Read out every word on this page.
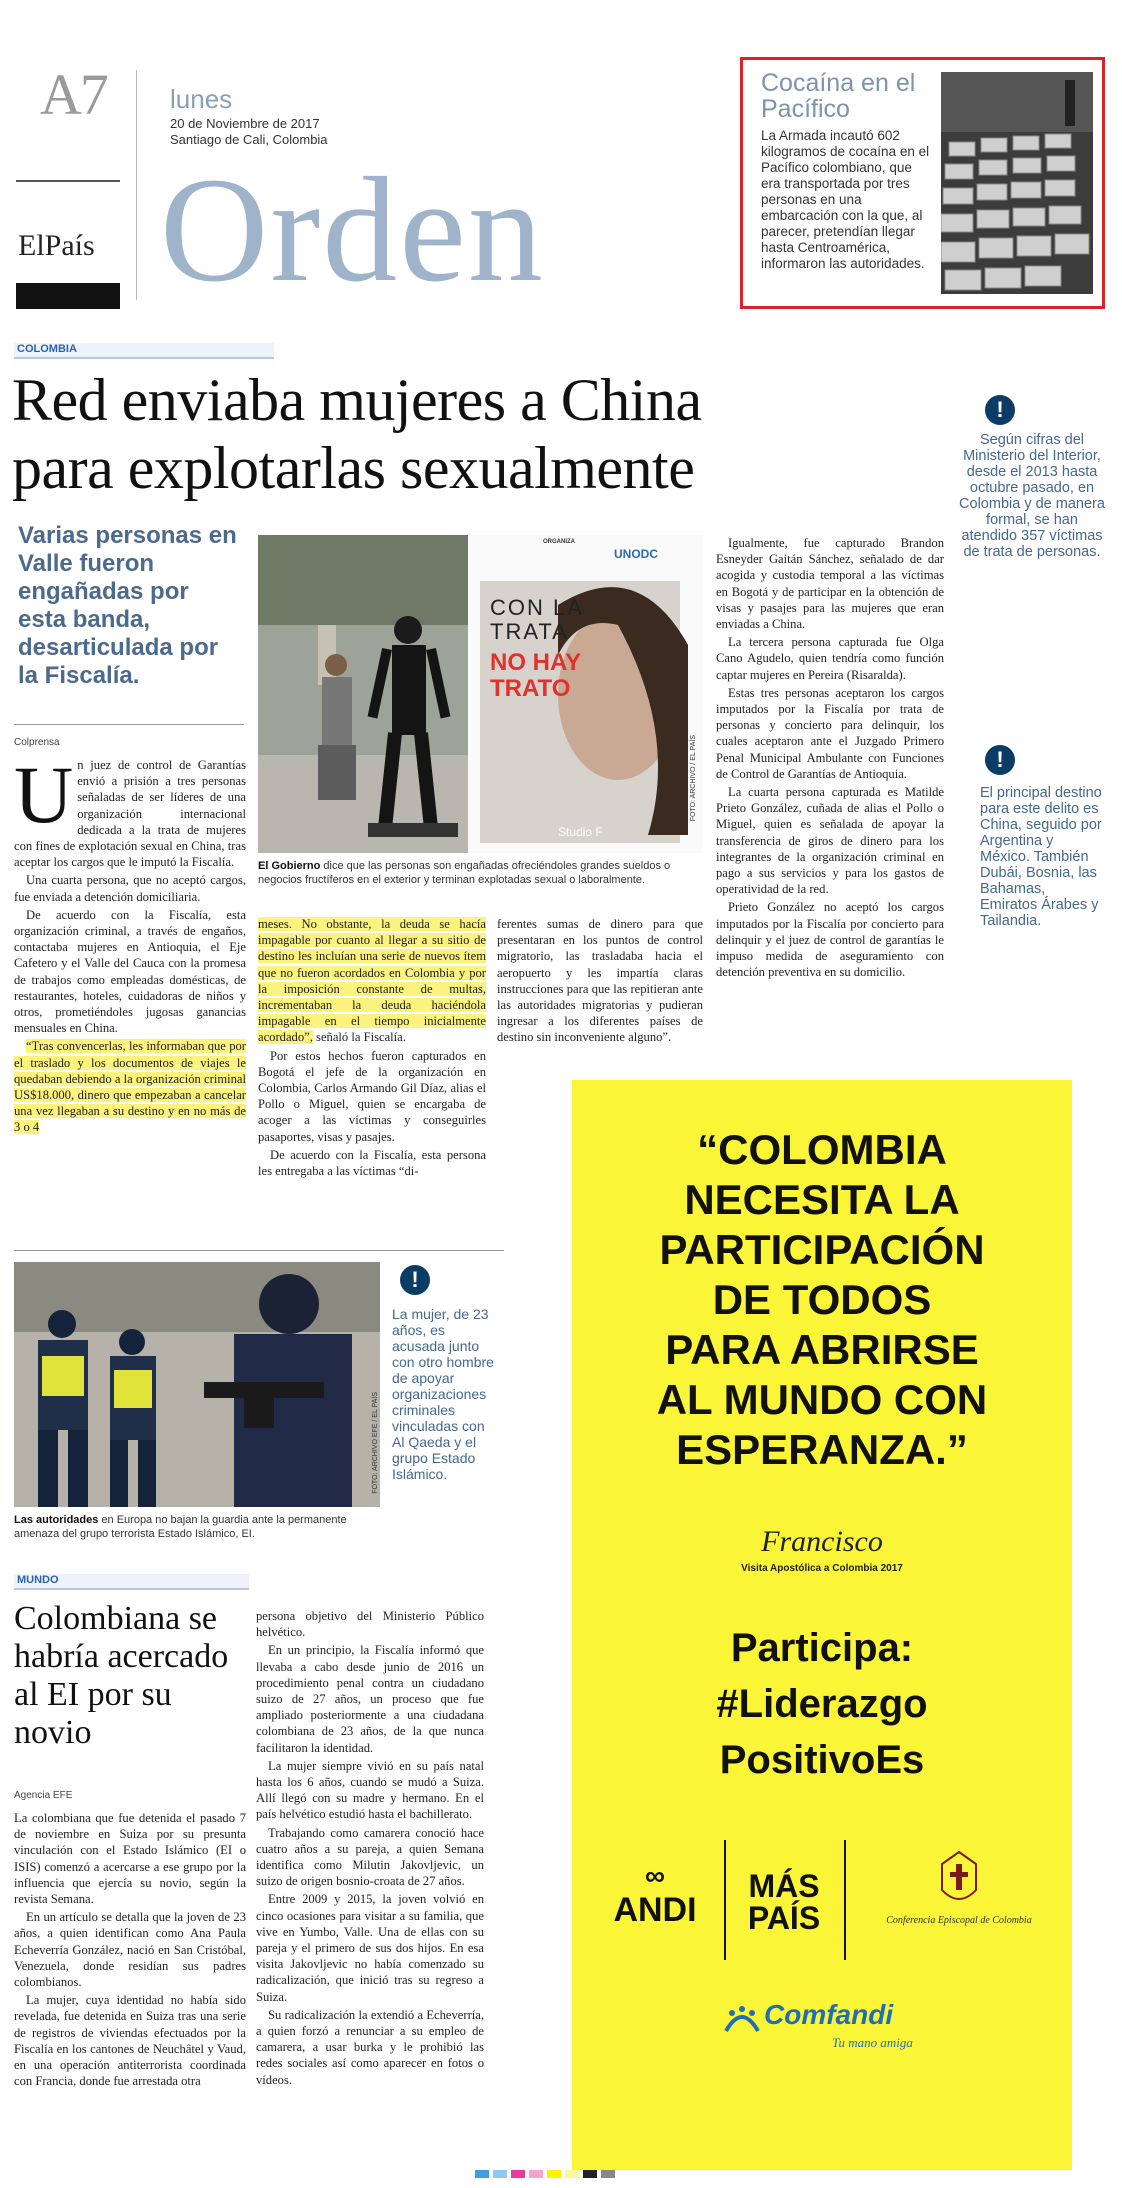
A7
ElPaís
lunes
20 de Noviembre de 2017
Santiago de Cali, Colombia
Orden
Cocaína en el Pacífico
La Armada incautó 602 kilogramos de cocaína en el Pacífico colombiano, que era transportada por tres personas en una embarcación con la que, al parecer, pretendían llegar hasta Centroamérica, informaron las autoridades.
COLOMBIA
Red enviaba mujeres a China
para explotarlas sexualmente
Varias personas en Valle fueron engañadas por esta banda, desarticulada por la Fiscalía.
Colprensa
ORGANIZA
UNODC
CON LA
TRATA
NO HAY
TRATO
Studio F
FOTO: ARCHIVO / EL PAÍS
El Gobierno dice que las personas son engañadas ofreciéndoles grandes sueldos o negocios fructíferos en el exterior y terminan explotadas sexual o laboralmente.
U n juez de control de Garantías envió a prisión a tres personas señaladas de ser líderes de una organización internacional dedicada a la trata de mujeres con fines de explotación sexual en China, tras aceptar los cargos que le imputó la Fiscalía.

Una cuarta persona, que no aceptó cargos, fue enviada a detención domiciliaria.

De acuerdo con la Fiscalía, esta organización criminal, a través de engaños, contactaba mujeres en Antioquia, el Eje Cafetero y el Valle del Cauca con la promesa de trabajos como empleadas domésticas, de restaurantes, hoteles, cuidadoras de niños y otros, prometiéndoles jugosas ganancias mensuales en China.

“Tras convencerlas, les informaban que por el traslado y los documentos de viajes le quedaban debiendo a la organización criminal US$18.000, dinero que empezaban a cancelar una vez llegaban a su destino y en no más de 3 o 4

meses. No obstante, la deuda se hacía impagable por cuanto al llegar a su sitio de destino les incluían una serie de nuevos ítem que no fueron acordados en Colombia y por la imposición constante de multas, incrementaban la deuda haciéndola impagable en el tiempo inicialmente acordado”, señaló la Fiscalía.

Por estos hechos fueron capturados en Bogotá el jefe de la organización en Colombia, Carlos Armando Gil Díaz, alias el Pollo o Miguel, quien se encargaba de acoger a las víctimas y conseguirles pasaportes, visas y pasajes.

De acuerdo con la Fiscalía, esta persona les entregaba a las víctimas “di-

ferentes sumas de dinero para que presentaran en los puntos de control migratorio, las trasladaba hacia el aeropuerto y les impartía claras instrucciones para que las repitieran ante las autoridades migratorias y pudieran ingresar a los diferentes países de destino sin inconveniente alguno”.

Igualmente, fue capturado Brandon Esneyder Gaitán Sánchez, señalado de dar acogida y custodia temporal a las víctimas en Bogotá y de participar en la obtención de visas y pasajes para las mujeres que eran enviadas a China.

La tercera persona capturada fue Olga Cano Agudelo, quien tendría como función captar mujeres en Pereira (Risaralda).

Estas tres personas aceptaron los cargos imputados por la Fiscalía por trata de personas y concierto para delinquir, los cuales aceptaron ante el Juzgado Primero Penal Municipal Ambulante con Funciones de Control de Garantías de Antioquia.

La cuarta persona capturada es Matilde Prieto González, cuñada de alias el Pollo o Miguel, quien es señalada de apoyar la transferencia de giros de dinero para los integrantes de la organización criminal en pago a sus servicios y para los gastos de operatividad de la red.

Prieto González no aceptó los cargos imputados por la Fiscalía por concierto para delinquir y el juez de control de garantías le impuso medida de aseguramiento con detención preventiva en su domicilio.

!
Según cifras del Ministerio del Interior, desde el 2013 hasta octubre pasado, en Colombia y de manera formal, se han atendido 357 víctimas de trata de personas.
!
El principal destino para este delito es China, seguido por Argentina y México. También Dubái, Bosnia, las Bahamas, Emiratos Árabes y Tailandia.
FOTO: ARCHIVO EFE / EL PAÍS
Las autoridades en Europa no bajan la guardia ante la permanente amenaza del grupo terrorista Estado Islámico, EI.
!
La mujer, de 23 años, es acusada junto con otro hombre de apoyar organizaciones criminales vinculadas con Al Qaeda y el grupo Estado Islámico.
MUNDO
Colombiana se habría acercado al EI por su novio
Agencia EFE

La colombiana que fue detenida el pasado 7 de noviembre en Suiza por su presunta vinculación con el Estado Islámico (EI o ISIS) comenzó a acercarse a ese grupo por la influencia que ejercía su novio, según la revista Semana.

En un artículo se detalla que la joven de 23 años, a quien identifican como Ana Paula Echeverría González, nació en San Cristóbal, Venezuela, donde residían sus padres colombianos.

La mujer, cuya identidad no había sido revelada, fue detenida en Suiza tras una serie de registros de viviendas efectuados por la Fiscalía en los cantones de Neuchâtel y Vaud, en una operación antiterrorista coordinada con Francia, donde fue arrestada otra

persona objetivo del Ministerio Público helvético.

En un principio, la Fiscalía informó que llevaba a cabo desde junio de 2016 un procedimiento penal contra un ciudadano suizo de 27 años, un proceso que fue ampliado posteriormente a una ciudadana colombiana de 23 años, de la que nunca facilitaron la identidad.

La mujer siempre vivió en su país natal hasta los 6 años, cuando se mudó a Suiza. Allí llegó con su madre y hermano. En el país helvético estudió hasta el bachillerato.

Trabajando como camarera conoció hace cuatro años a su pareja, a quien Semana identifica como Milutin Jakovljevic, un suizo de origen bosnio-croata de 27 años.

Entre 2009 y 2015, la joven volvió en cinco ocasiones para visitar a su familia, que vive en Yumbo, Valle. Una de ellas con su pareja y el primero de sus dos hijos. En esa visita Jakovljevic no había comenzado su radicalización, que inició tras su regreso a Suiza.

Su radicalización la extendió a Echeverría, a quien forzó a renunciar a su empleo de camarera, a usar burka y le prohibió las redes sociales así como aparecer en fotos o vídeos.

“COLOMBIA
NECESITA LA
PARTICIPACIÓN
DE TODOS
PARA ABRIRSE
AL MUNDO CON
ESPERANZA.”
Francisco
Visita Apostólica a Colombia 2017
Participa:
#Liderazgo
PositivoEs
∞
ANDI
MÁS
PAÍS	Conferencia Episcopal de Colombia
Comfandi
Tu mano amiga
